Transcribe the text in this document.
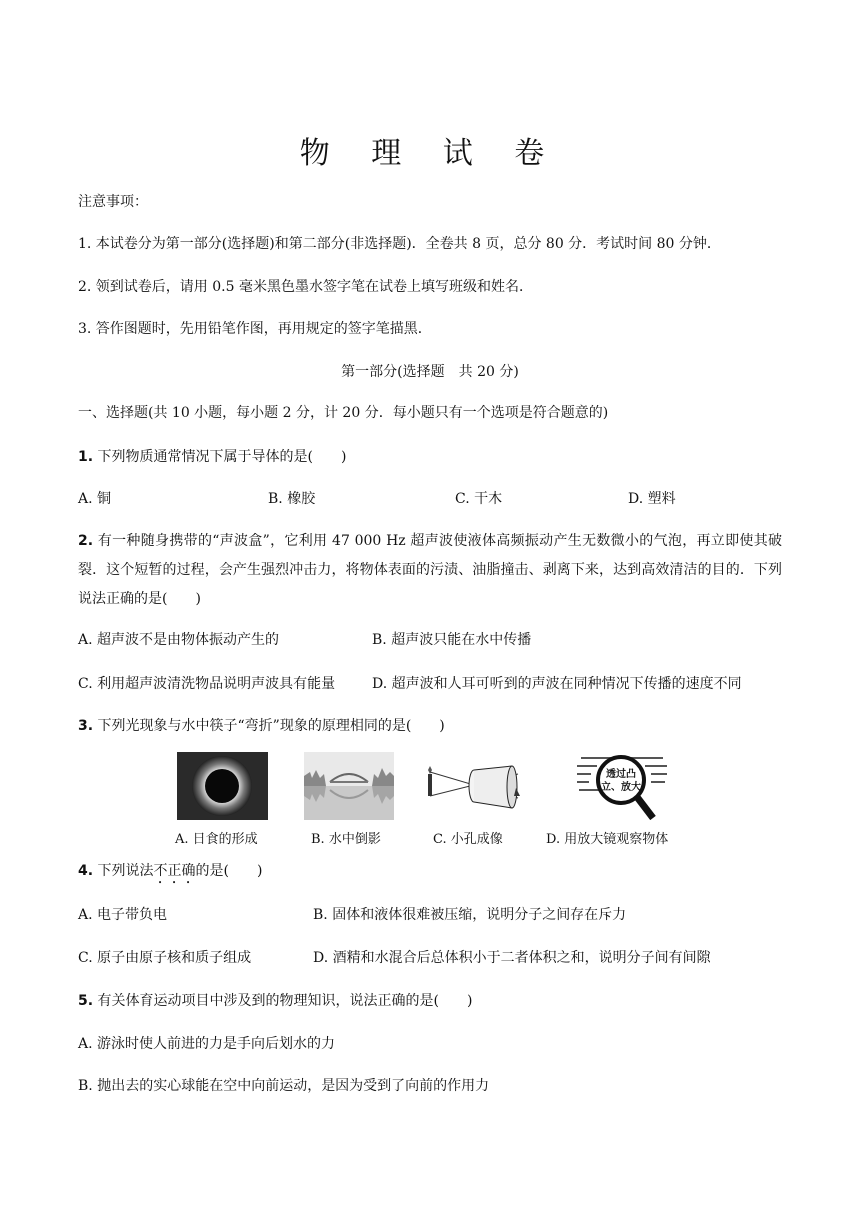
物 理 试 卷
注意事项：
1. 本试卷分为第一部分(选择题)和第二部分(非选择题)．全卷共 8 页，总分 80 分．考试时间 80 分钟．
2. 领到试卷后，请用 0.5 毫米黑色墨水签字笔在试卷上填写班级和姓名．
3. 答作图题时，先用铅笔作图，再用规定的签字笔描黑．
第一部分(选择题　共 20 分)
一、选择题(共 10 小题，每小题 2 分，计 20 分．每小题只有一个选项是符合题意的)
1. 下列物质通常情况下属于导体的是(　　)
A. 铜	B. 橡胶	C. 干木	D. 塑料
2. 有一种随身携带的“声波盒”，它利用 47 000 Hz 超声波使液体高频振动产生无数微小的气泡，再立即使其破裂．这个短暂的过程，会产生强烈冲击力，将物体表面的污渍、油脂撞击、剥离下来，达到高效清洁的目的．下列说法正确的是(　　)
A. 超声波不是由物体振动产生的	B. 超声波只能在水中传播
C. 利用超声波清洗物品说明声波具有能量	D. 超声波和人耳可听到的声波在同种情况下传播的速度不同
3. 下列光现象与水中筷子“弯折”现象的原理相同的是(　　)
透过凸
立、放大
A. 日食的形成	B. 水中倒影	C. 小孔成像	D. 用放大镜观察物体
4. 下列说法不正确的是(　　)
A. 电子带负电	B. 固体和液体很难被压缩，说明分子之间存在斥力
C. 原子由原子核和质子组成	D. 酒精和水混合后总体积小于二者体积之和，说明分子间有间隙
5. 有关体育运动项目中涉及到的物理知识，说法正确的是(　　)
A. 游泳时使人前进的力是手向后划水的力
B. 抛出去的实心球能在空中向前运动，是因为受到了向前的作用力
